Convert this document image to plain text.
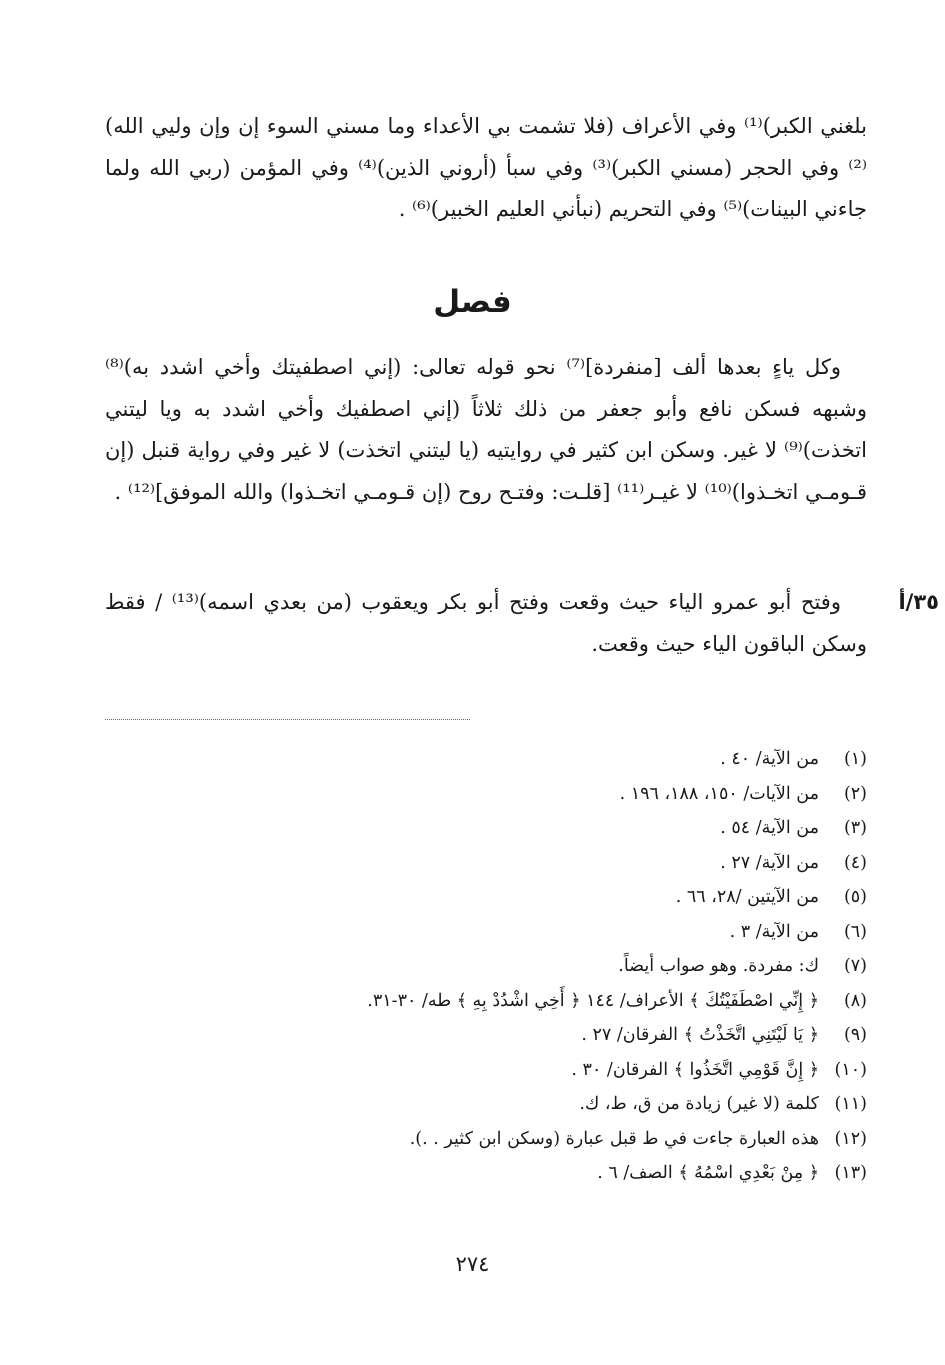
بلغني الكبر)⁽¹⁾ وفي الأعراف (فلا تشمت بي الأعداء وما مسني السوء إن وإن وليي الله)⁽²⁾ وفي الحجر (مسني الكبر)⁽³⁾ وفي سبأ (أروني الذين)⁽⁴⁾ وفي المؤمن (ربي الله ولما جاءني البينات)⁽⁵⁾ وفي التحريم (نبأني العليم الخبير)⁽⁶⁾ .

فصل

وكل ياءٍ بعدها ألف [منفردة]⁽⁷⁾ نحو قوله تعالى: (إني اصطفيتك وأخي اشدد به)⁽⁸⁾وشبهه فسكن نافع وأبو جعفر من ذلك ثلاثاً (إني اصطفيك وأخي اشدد به ويا ليتني اتخذت)⁽⁹⁾ لا غير. وسكن ابن كثير في روايتيه (يا ليتني اتخذت) لا غير وفي رواية قنبل (إن قـومـي اتخـذوا)⁽¹⁰⁾ لا غيـر⁽¹¹⁾ [قلـت: وفتـح روح (إن قـومـي اتخـذوا) والله الموفق]⁽¹²⁾ .

٣٥/أ

وفتح أبو عمرو الياء حيث وقعت وفتح أبو بكر ويعقوب (من بعدي اسمه)⁽¹³⁾ / فقط وسكن الباقون الياء حيث وقعت.

(١)من الآية/ ٤٠ .
(٢)من الآيات/ ١٥٠، ١٨٨، ١٩٦ .
(٣)من الآية/ ٥٤ .
(٤)من الآية/ ٢٧ .
(٥)من الآيتين /٢٨، ٦٦ .
(٦)من الآية/ ٣ .
(٧)ك: مفردة. وهو صواب أيضاً.
(٨)﴿ إِنِّي اصْطَفَيْتُكَ ﴾ الأعراف/ ١٤٤ ﴿ أَخِي اشْدُدْ بِهِ ﴾ طه/ ٣٠-٣١.
(٩)﴿ يَا لَيْتَنِي اتَّخَذْتُ ﴾ الفرقان/ ٢٧ .
(١٠)﴿ إِنَّ قَوْمِي اتَّخَذُوا ﴾ الفرقان/ ٣٠ .
(١١)كلمة (لا غير) زيادة من ق، ط، ك.
(١٢)هذه العبارة جاءت في ط قبل عبارة (وسكن ابن كثير . .).
(١٣)﴿ مِنْ بَعْدِي اسْمُهُ ﴾ الصف/ ٦ .
٢٧٤
